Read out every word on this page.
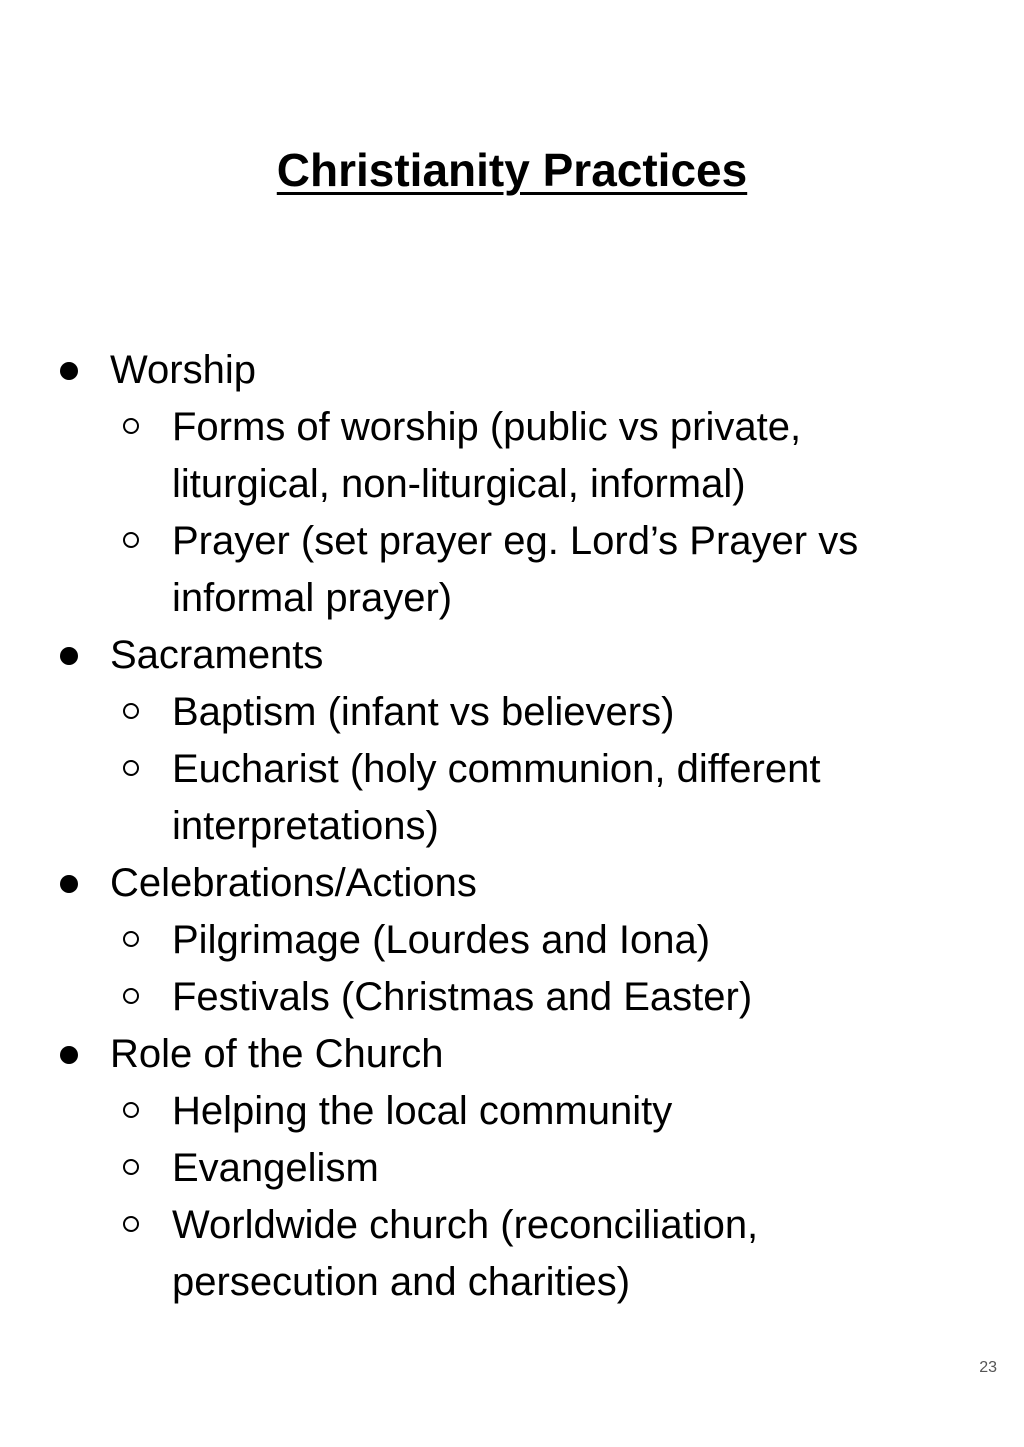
Christianity Practices
Worship
Forms of worship (public vs private, liturgical, non-liturgical, informal)
Prayer (set prayer eg. Lord’s Prayer vs informal prayer)
Sacraments
Baptism (infant vs believers)
Eucharist (holy communion, different interpretations)
Celebrations/Actions
Pilgrimage (Lourdes and Iona)
Festivals (Christmas and Easter)
Role of the Church
Helping the local community
Evangelism
Worldwide church (reconciliation, persecution and charities)
23
